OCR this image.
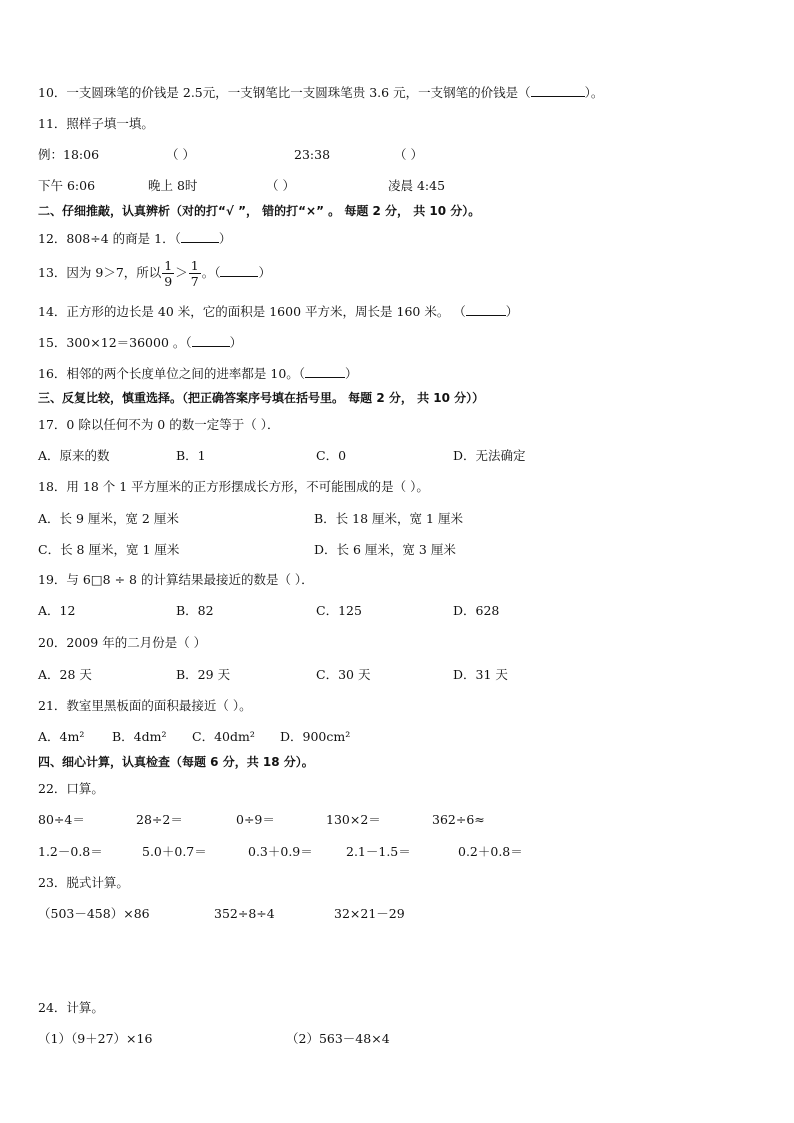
10．一支圆珠笔的价钱是 2.5元，一支钢笔比一支圆珠笔贵 3.6 元，一支钢笔的价钱是（	）。
11．照样子填一填。
例：18:06	（ ）	23:38	（ ）
下午 6:06	晚上 8时	（ ）	凌晨 4:45
二、仔细推敲，认真辨析（对的打“√ ”， 错的打“×” 。 每题 2 分， 共 10 分）。
12．808÷4 的商是 1．（	）
13．因为 9＞7，所以 $\frac{1}{9} > \frac{1}{7}$ 。（	）
14．正方形的边长是 40 米，它的面积是 1600 平方米，周长是 160 米。 （	）
15．300×12＝36000 。（	）
16．相邻的两个长度单位之间的进率都是 10。（	）
三、反复比较，慎重选择。（把正确答案序号填在括号里。 每题 2 分， 共 10 分））
17．0 除以任何不为 0 的数一定等于（ ）．
A．原来的数	B．1	C．0	D．无法确定
18．用 18 个 1 平方厘米的正方形摆成长方形，不可能围成的是（ ）。
A．长 9 厘米，宽 2 厘米	B．长 18 厘米，宽 1 厘米
C．长 8 厘米，宽 1 厘米	D．长 6 厘米，宽 3 厘米
19．与 6□8 ÷ 8 的计算结果最接近的数是（ ）．
A．12	B．82	C．125	D．628
20．2009 年的二月份是（ ）
A．28 天	B．29 天	C．30 天	D．31 天
21．教室里黑板面的面积最接近（ ）。
A．4m² B．4dm² C．40dm² D．900cm²
四、细心计算，认真检查（每题 6 分，共 18 分）。
22．口算。
80÷4＝	28÷2＝	0÷9＝	130×2＝	362÷6≈
1.2－0.8＝	5.0＋0.7＝	0.3＋0.9＝	2.1－1.5＝	0.2＋0.8＝
23．脱式计算。
（503－458）×86	352÷8÷4	32×21－29
24．计算。
（1）（9＋27）×16	（2）563－48×4
